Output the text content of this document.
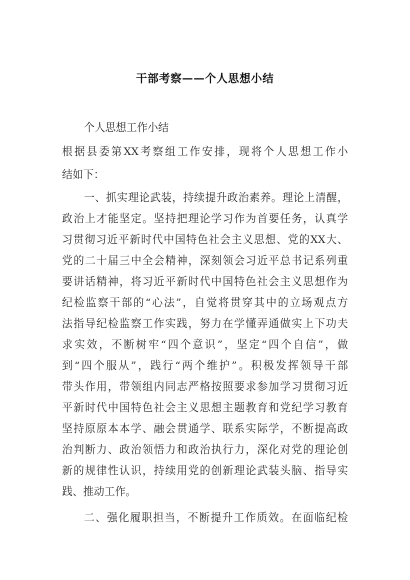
干部考察——个人思想小结
个人思想工作小结
根据县委第XX考察组工作安排，现将个人思想工作小
结如下：
一、抓实理论武装，持续提升政治素养。理论上清醒，
政治上才能坚定。坚持把理论学习作为首要任务，认真学
习贯彻习近平新时代中国特色社会主义思想、党的XX大、
党的二十届三中全会精神，深刻领会习近平总书记系列重
要讲话精神，将习近平新时代中国特色社会主义思想作为
纪检监察干部的“心法”，自觉将贯穿其中的立场观点方
法指导纪检监察工作实践，努力在学懂弄通做实上下功夫
求实效，不断树牢“四个意识”，坚定“四个自信”，做
到“四个服从”，践行“两个维护”。积极发挥领导干部
带头作用，带领组内同志严格按照要求参加学习贯彻习近
平新时代中国特色社会主义思想主题教育和党纪学习教育
坚持原原本本学、融会贯通学、联系实际学，不断提高政
治判断力、政治领悟力和政治执行力，深化对党的理论创
新的规律性认识，持续用党的创新理论武装头脑、指导实
践、推动工作。
二、强化履职担当，不断提升工作质效。在面临纪检
